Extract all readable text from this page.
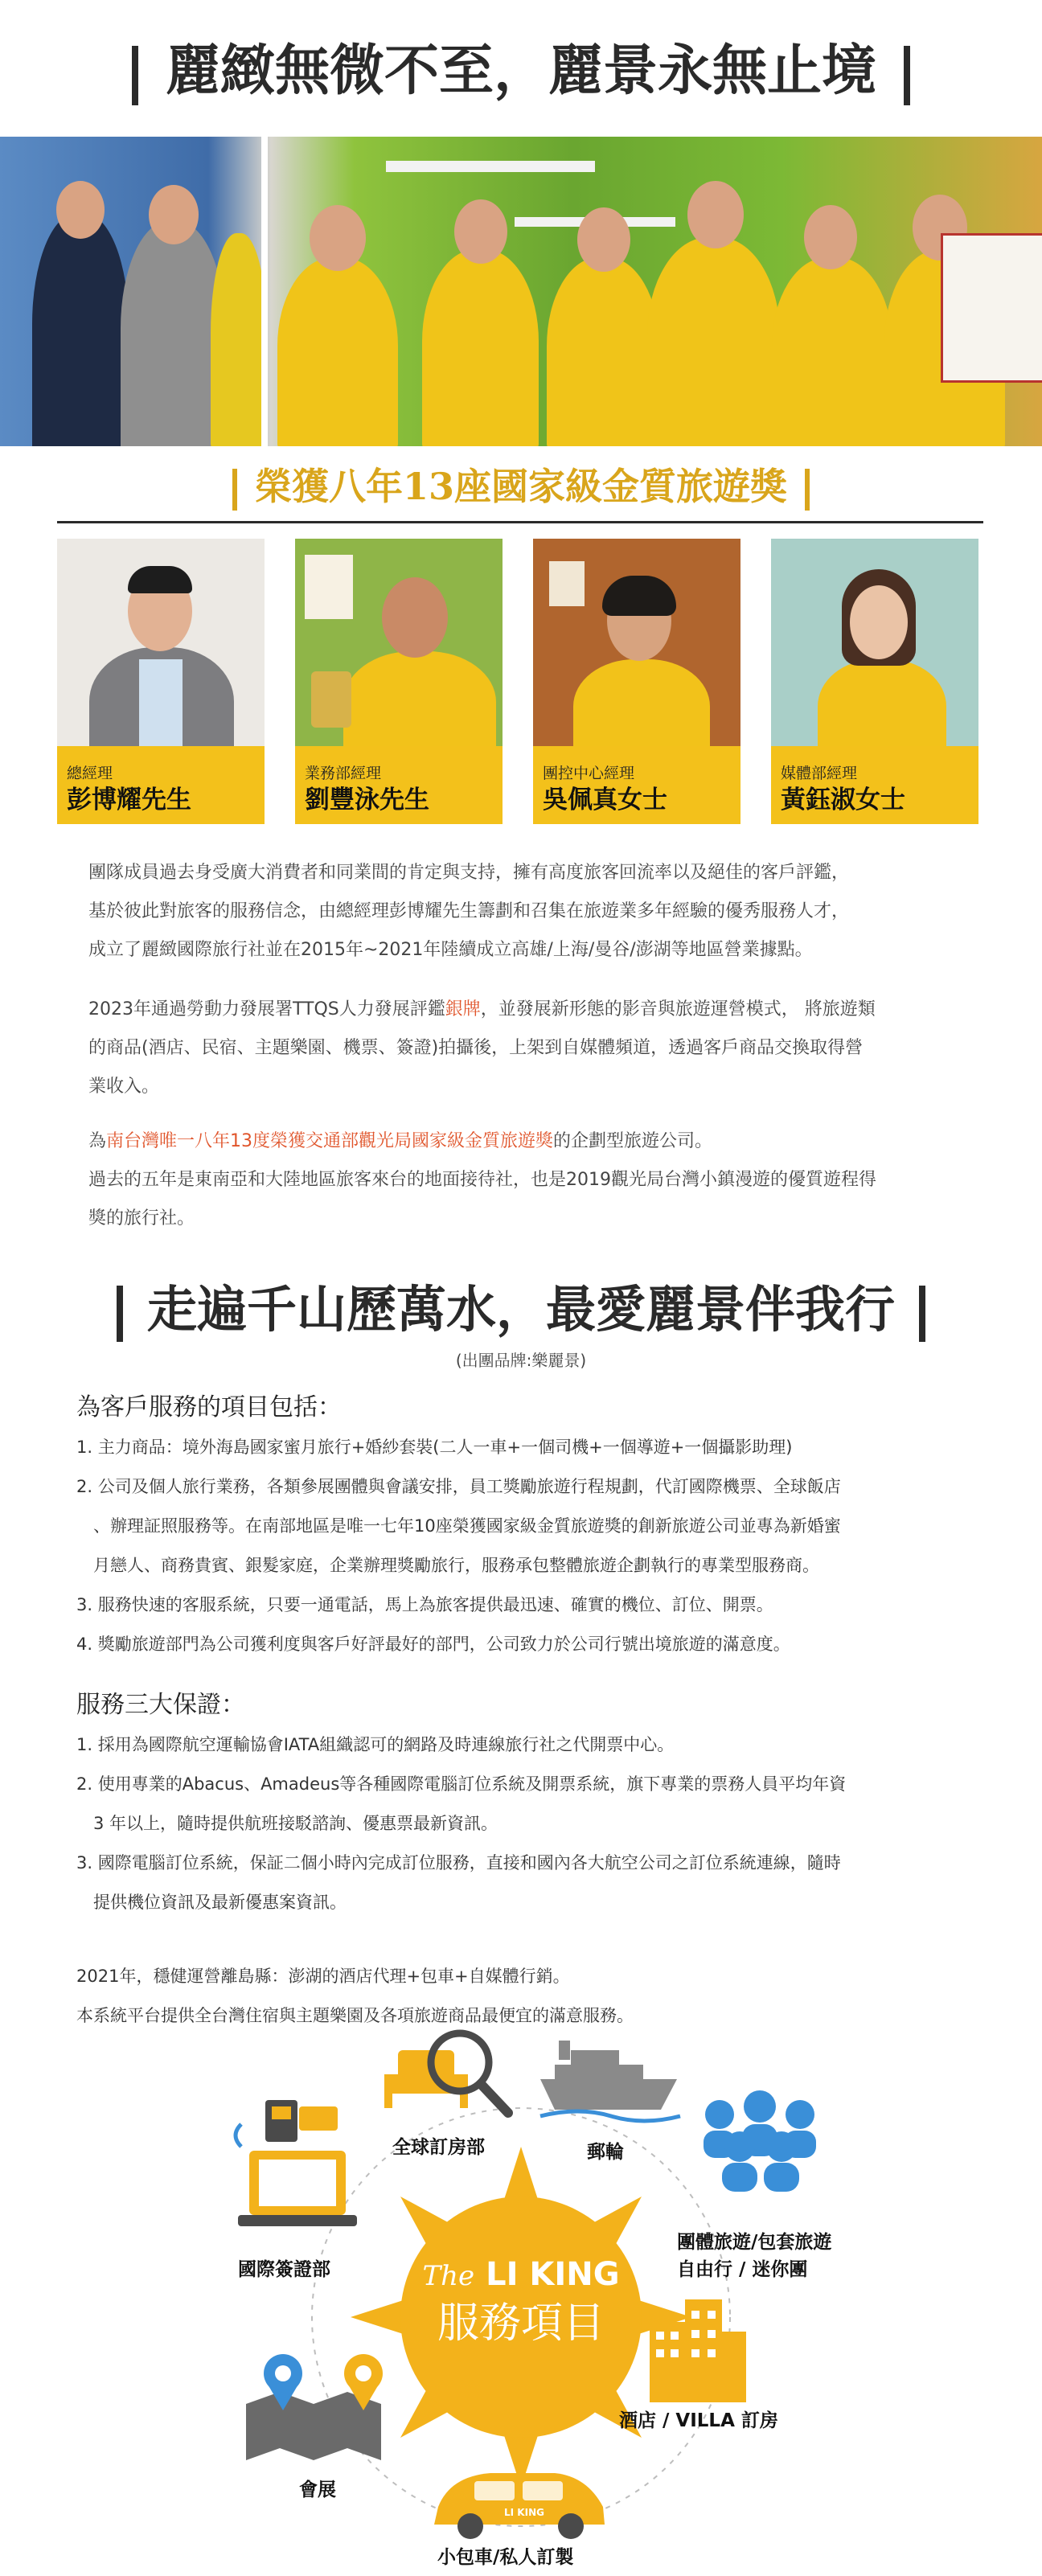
麗緻無微不至，麗景永無止境
榮獲八年13座國家級金質旅遊獎
總經理
彭博耀先生
業務部經理
劉豐泳先生
團控中心經理
吳佩真女士
媒體部經理
黃鈺淑女士

團隊成員過去身受廣大消費者和同業間的肯定與支持，擁有高度旅客回流率以及絕佳的客戶評鑑，

基於彼此對旅客的服務信念，由總經理彭博耀先生籌劃和召集在旅遊業多年經驗的優秀服務人才，

成立了麗緻國際旅行社並在2015年~2021年陸續成立高雄/上海/曼谷/澎湖等地區營業據點。

2023年通過勞動力發展署TTQS人力發展評鑑銀牌，並發展新形態的影音與旅遊運營模式， 將旅遊類

的商品(酒店、民宿、主題樂園、機票、簽證)拍攝後，上架到自媒體頻道，透過客戶商品交換取得營

業收入。

為南台灣唯一八年13度榮獲交通部觀光局國家級金質旅遊獎的企劃型旅遊公司。

過去的五年是東南亞和大陸地區旅客來台的地面接待社，也是2019觀光局台灣小鎮漫遊的優質遊程得

獎的旅行社。

走遍千山歷萬水，最愛麗景伴我行
(出團品牌:樂麗景)

為客戶服務的項目包括：

1. 主力商品：境外海島國家蜜月旅行+婚紗套裝(二人一車+一個司機+一個導遊+一個攝影助理)
2. 公司及個人旅行業務，各類參展團體與會議安排，員工獎勵旅遊行程規劃，代訂國際機票、全球飯店
　、辦理証照服務等。在南部地區是唯一七年10座榮獲國家級金質旅遊獎的創新旅遊公司並專為新婚蜜
　月戀人、商務貴賓、銀髮家庭，企業辦理獎勵旅行，服務承包整體旅遊企劃執行的專業型服務商。
3. 服務快速的客服系統，只要一通電話，馬上為旅客提供最迅速、確實的機位、訂位、開票。
4. 獎勵旅遊部門為公司獲利度與客戶好評最好的部門，公司致力於公司行號出境旅遊的滿意度。

服務三大保證：

1. 採用為國際航空運輸協會IATA組織認可的網路及時連線旅行社之代開票中心。
2. 使用專業的Abacus、Amadeus等各種國際電腦訂位系統及開票系統，旗下專業的票務人員平均年資
　3 年以上，隨時提供航班接駁諮詢、優惠票最新資訊。
3. 國際電腦訂位系統，保証二個小時內完成訂位服務，直接和國內各大航空公司之訂位系統連線，隨時
　提供機位資訊及最新優惠案資訊。
2021年，穩健運營離島縣：澎湖的酒店代理+包車+自媒體行銷。
本系統平台提供全台灣住宿與主題樂園及各項旅遊商品最便宜的滿意服務。
The LI KING
服務項目
LI KING
全球訂房部	郵輪
團體旅遊/包套旅遊
自由行 / 迷你團
國際簽證部
酒店 / VILLA 訂房
會展
小包車/私人訂製
